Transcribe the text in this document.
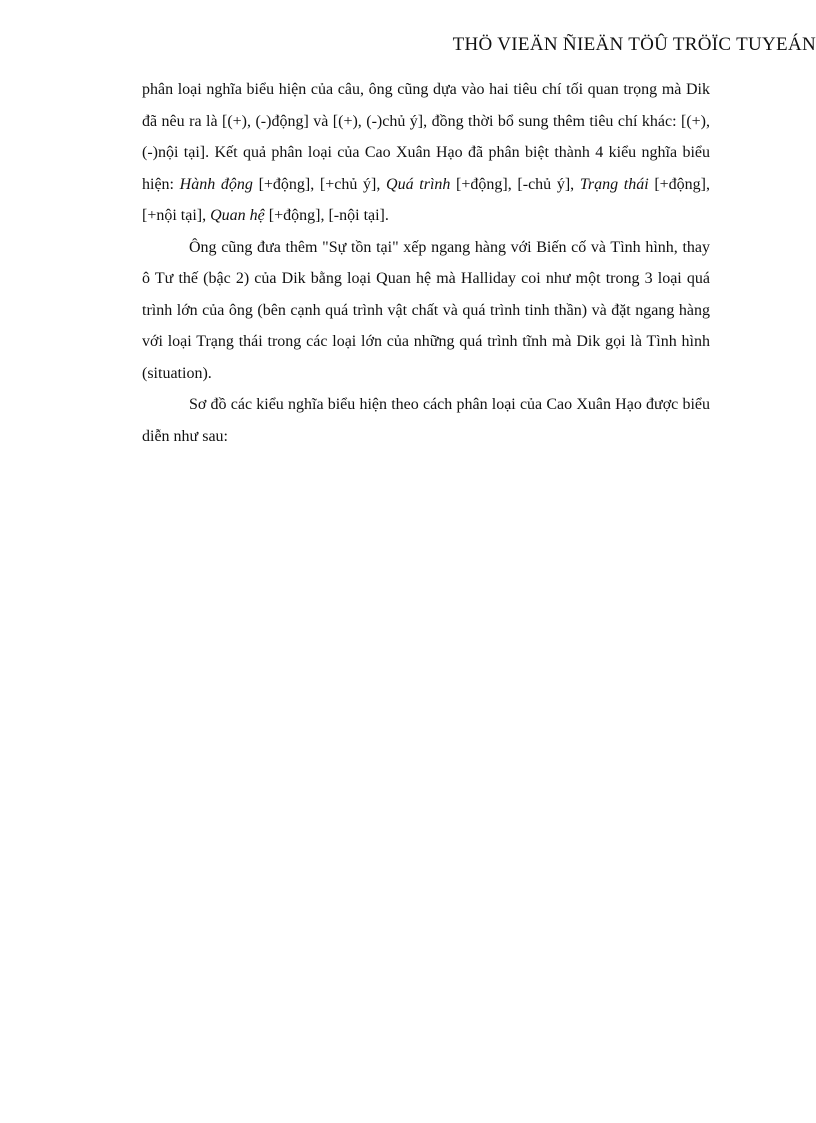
THÖ VIEÄN ÑIEÄN TÖÛ TRÖÏC TUYEÁN

phân loại nghĩa biểu hiện của câu, ông cũng dựa vào hai tiêu chí tối quan trọng mà Dik đã nêu ra là [(+), (-)động] và [(+), (-)chủ ý], đồng thời bổ sung thêm tiêu chí khác: [(+), (-)nội tại]. Kết quả phân loại của Cao Xuân Hạo đã phân biệt thành 4 kiểu nghĩa biểu hiện: Hành động [+động], [+chủ ý], Quá trình [+động], [-chủ ý], Trạng thái [+động], [+nội tại], Quan hệ [+động], [-nội tại].

Ông cũng đưa thêm "Sự tồn tại" xếp ngang hàng với Biến cố và Tình hình, thay ô Tư thế (bậc 2) của Dik bằng loại Quan hệ mà Halliday coi như một trong 3 loại quá trình lớn của ông (bên cạnh quá trình vật chất và quá trình tinh thần) và đặt ngang hàng với loại Trạng thái trong các loại lớn của những quá trình tĩnh mà Dik gọi là Tình hình (situation).

Sơ đồ các kiểu nghĩa biểu hiện theo cách phân loại của Cao Xuân Hạo được biểu diễn như sau:
